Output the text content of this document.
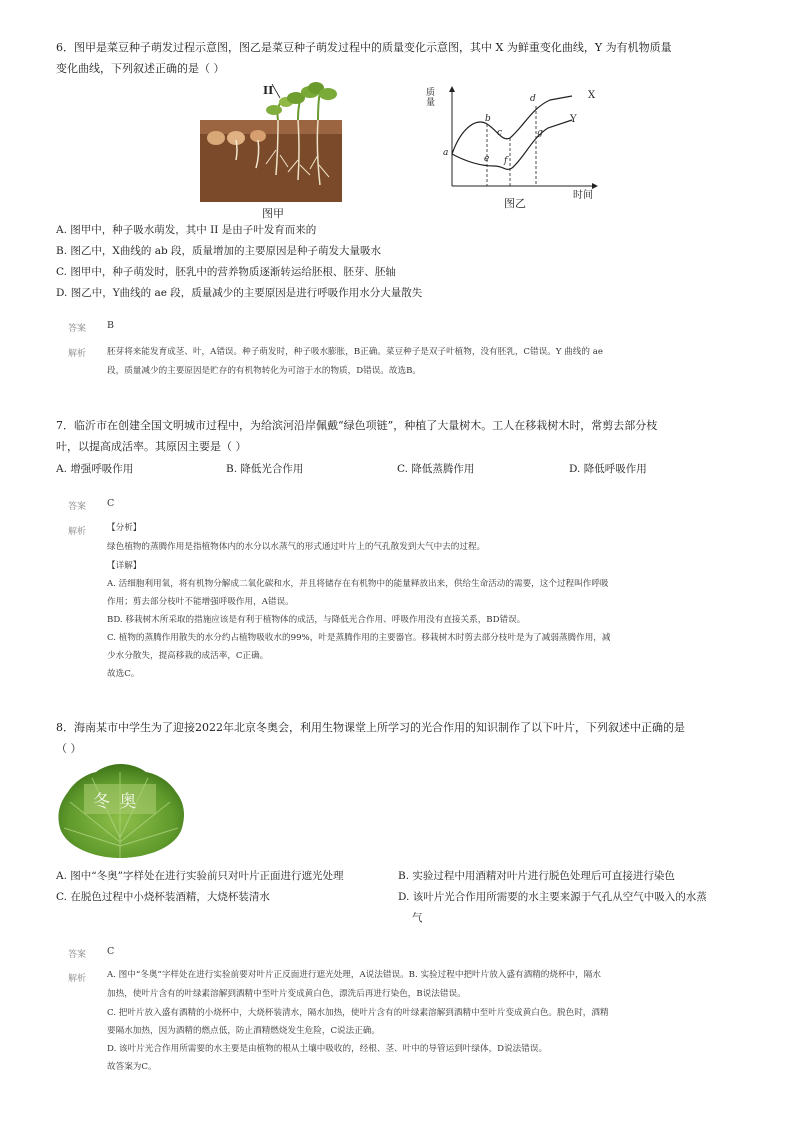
6．图甲是菜豆种子萌发过程示意图，图乙是菜豆种子萌发过程中的质量变化示意图，其中 X 为鲜重变化曲线，Y 为有机物质量
变化曲线，下列叙述正确的是（ ）
II
图甲
质量
时间
图乙
X
Y
a
b
c
d
e f
g
A. 图甲中，种子吸水萌发，其中 II 是由子叶发育而来的
B. 图乙中，X曲线的 ab 段，质量增加的主要原因是种子萌发大量吸水
C. 图甲中，种子萌发时，胚乳中的营养物质逐渐转运给胚根、胚芽、胚轴
D. 图乙中，Y曲线的 ae 段，质量减少的主要原因是进行呼吸作用水分大量散失
答案 B
解析 胚芽将来能发育成茎、叶，A错误。种子萌发时，种子吸水膨胀，B正确。菜豆种子是双子叶植物，没有胚乳，C错误。Y 曲线的 ae
段，质量减少的主要原因是贮存的有机物转化为可溶于水的物质，D错误。故选B。
7．临沂市在创建全国文明城市过程中，为给滨河沿岸佩戴“绿色项链”，种植了大量树木。工人在移栽树木时，常剪去部分枝
叶，以提高成活率。其原因主要是（ ）
A. 增强呼吸作用	B. 降低光合作用	C. 降低蒸腾作用	D. 降低呼吸作用
答案 C
解析 【分析】
绿色植物的蒸腾作用是指植物体内的水分以水蒸气的形式通过叶片上的气孔散发到大气中去的过程。
【详解】
A. 活细胞利用氧，将有机物分解成二氧化碳和水，并且将储存在有机物中的能量释放出来，供给生命活动的需要，这个过程叫作呼吸
作用；剪去部分枝叶不能增强呼吸作用，A错误。
BD. 移栽树木所采取的措施应该是有利于植物体的成活，与降低光合作用、呼吸作用没有直接关系，BD错误。
C. 植物的蒸腾作用散失的水分约占植物吸收水的99%，叶是蒸腾作用的主要器官。移栽树木时剪去部分枝叶是为了减弱蒸腾作用，减
少水分散失，提高移栽的成活率，C正确。
故选C。
8．海南某市中学生为了迎接2022年北京冬奥会，利用生物课堂上所学习的光合作用的知识制作了以下叶片，下列叙述中正确的是
（ ）
冬 奥
A. 图中“冬奥”字样处在进行实验前只对叶片正面进行遮光处理	B. 实验过程中用酒精对叶片进行脱色处理后可直接进行染色
C. 在脱色过程中小烧杯装酒精，大烧杯装清水	D. 该叶片光合作用所需要的水主要来源于气孔从空气中吸入的水蒸
气
答案 C
解析 A. 图中“冬奥”字样处在进行实验前要对叶片正反面进行遮光处理，A说法错误。B. 实验过程中把叶片放入盛有酒精的烧杯中，隔水
加热，使叶片含有的叶绿素溶解到酒精中至叶片变成黄白色，漂洗后再进行染色，B说法错误。
C. 把叶片放入盛有酒精的小烧杯中，大烧杯装清水，隔水加热，使叶片含有的叶绿素溶解到酒精中至叶片变成黄白色。脱色时，酒精
要隔水加热，因为酒精的燃点低，防止酒精燃烧发生危险，C说法正确。
D. 该叶片光合作用所需要的水主要是由植物的根从土壤中吸收的，经根、茎、叶中的导管运到叶绿体，D说法错误。
故答案为C。
